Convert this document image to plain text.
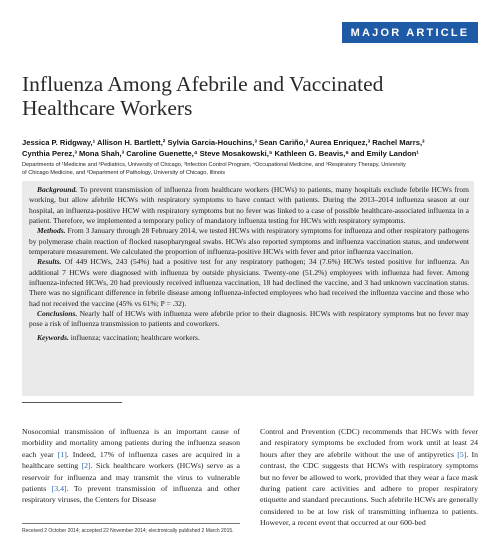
MAJOR ARTICLE
Influenza Among Afebrile and Vaccinated
Healthcare Workers
Jessica P. Ridgway,¹ Allison H. Bartlett,² Sylvia Garcia-Houchins,³ Sean Cariño,³ Aurea Enriquez,³ Rachel Marrs,³
Cynthia Perez,³ Mona Shah,³ Caroline Guenette,⁴ Steve Mosakowski,⁵ Kathleen G. Beavis,⁶ and Emily Landon¹
Departments of ¹Medicine and ²Pediatrics, University of Chicago, ³Infection Control Program, ⁴Occupational Medicine, and ⁵Respiratory Therapy, University
of Chicago Medicine, and ⁶Department of Pathology, University of Chicago, Illinois

Background. To prevent transmission of influenza from healthcare workers (HCWs) to patients, many hospitals exclude febrile HCWs from working, but allow afebrile HCWs with respiratory symptoms to have contact with patients. During the 2013–2014 influenza season at our hospital, an influenza-positive HCW with respiratory symptoms but no fever was linked to a case of possible healthcare-associated influenza in a patient. Therefore, we implemented a temporary policy of mandatory influenza testing for HCWs with respiratory symptoms.

Methods. From 3 January through 28 February 2014, we tested HCWs with respiratory symptoms for influenza and other respiratory pathogens by polymerase chain reaction of flocked nasopharyngeal swabs. HCWs also reported symptoms and influenza vaccination status, and underwent temperature measurement. We calculated the proportion of influenza-positive HCWs with fever and prior influenza vaccination.

Results. Of 449 HCWs, 243 (54%) had a positive test for any respiratory pathogen; 34 (7.6%) HCWs tested positive for influenza. An additional 7 HCWs were diagnosed with influenza by outside physicians. Twenty-one (51.2%) employees with influenza had fever. Among influenza-infected HCWs, 20 had previously received influenza vaccination, 18 had declined the vaccine, and 3 had unknown vaccination status. There was no significant difference in febrile disease among influenza-infected employees who had received the influenza vaccine and those who had not received the vaccine (45% vs 61%; P = .32).

Conclusions. Nearly half of HCWs with influenza were afebrile prior to their diagnosis. HCWs with respiratory symptoms but no fever may pose a risk of influenza transmission to patients and coworkers.

Keywords. influenza; vaccination; healthcare workers.

Nosocomial transmission of influenza is an important cause of morbidity and mortality among patients during the influenza season each year [1]. Indeed, 17% of influenza cases are acquired in a healthcare setting [2]. Sick healthcare workers (HCWs) serve as a reservoir for influenza and may transmit the virus to vulnerable patients [3,4]. To prevent transmission of influenza and other respiratory viruses, the Centers for Disease

Control and Prevention (CDC) recommends that HCWs with fever and respiratory symptoms be excluded from work until at least 24 hours after they are afebrile without the use of antipyretics [5]. In contrast, the CDC suggests that HCWs with respiratory symptoms but no fever be allowed to work, provided that they wear a face mask during patient care activities and adhere to proper respiratory etiquette and standard precautions. Such afebrile HCWs are generally considered to be at low risk of transmitting influenza to patients. However, a recent event that occurred at our 600-bed

Received 2 October 2014; accepted 22 November 2014; electronically published 2 March 2015.
